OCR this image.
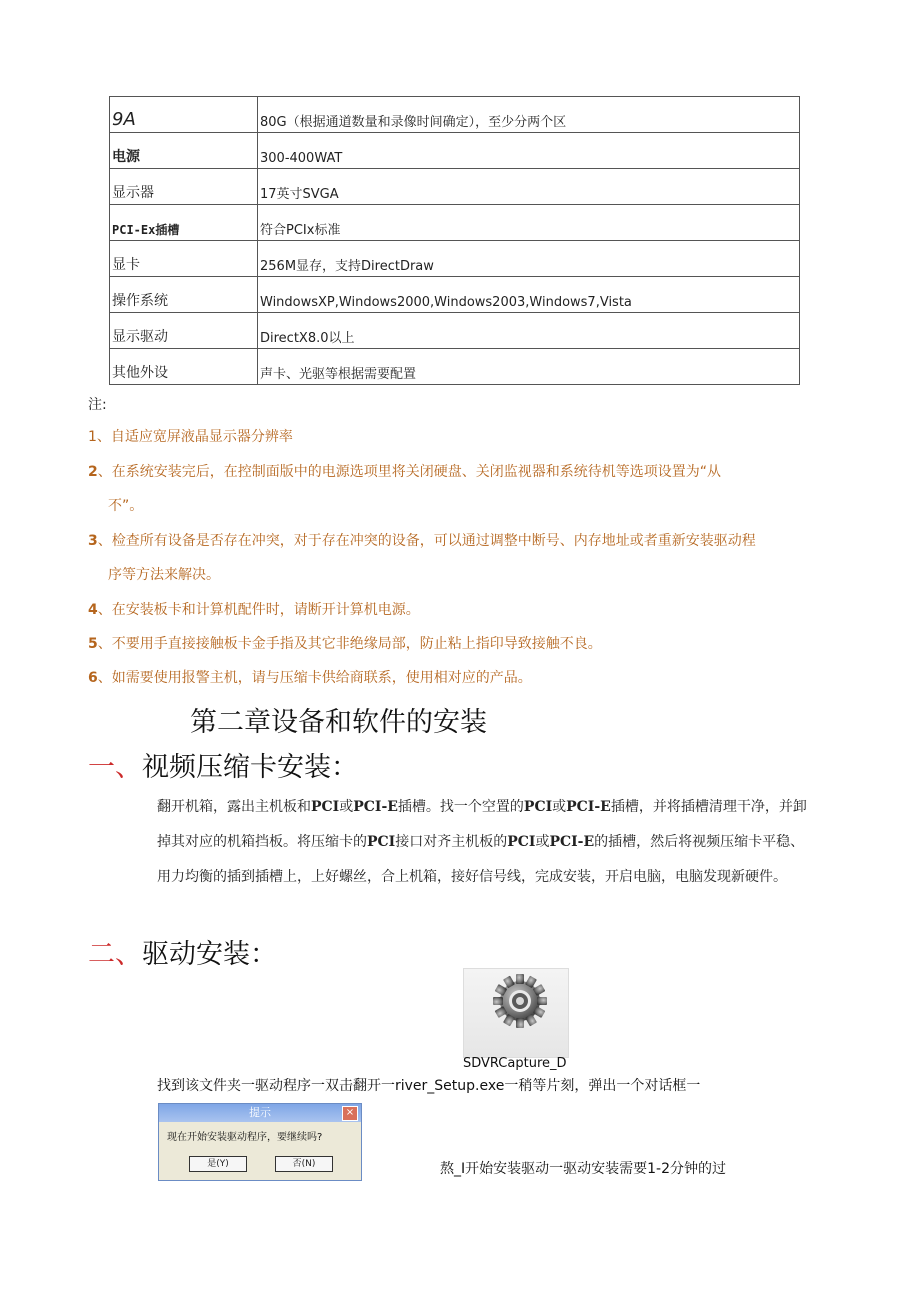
9A	80G（根据通道数量和录像时间确定），至少分两个区
电源	300-400WAT
显示器	17英寸SVGA
PCI-Ex插槽	符合PCIx标准
显卡	256M显存，支持DirectDraw
操作系统	WindowsXP,Windows2000,Windows2003,Windows7,Vista
显示驱动	DirectX8.0以上
其他外设	声卡、光驱等根据需要配置
注:
1、自适应宽屏液晶显示器分辨率
2、在系统安装完后，在控制面版中的电源选项里将关闭硬盘、关闭监视器和系统待机等选项设置为“从
不”。
3、检查所有设备是否存在冲突，对于存在冲突的设备，可以通过调整中断号、内存地址或者重新安装驱动程
序等方法来解决。
4、在安装板卡和计算机配件时，请断开计算机电源。
5、不要用手直接接触板卡金手指及其它非绝缘局部，防止粘上指印导致接触不良。
6、如需要使用报警主机，请与压缩卡供给商联系，使用相对应的产品。
第二章设备和软件的安装
一、视频压缩卡安装：
翻开机箱，露出主机板和PCI或PCI-E插槽。找一个空置的PCI或PCI-E插槽，并将插槽清理干净，并卸掉其对应的机箱挡板。将压缩卡的PCI接口对齐主机板的PCI或PCI-E的插槽，然后将视频压缩卡平稳、用力均衡的插到插槽上，上好螺丝，合上机箱，接好信号线，完成安装，开启电脑，电脑发现新硬件。
二、驱动安装：
SDVRCapture_D
找到该文件夹一驱动程序一双击翻开一river_Setup.exe一稍等片刻，弹出一个对话框一
提示	×
现在开始安装驱动程序，要继续吗?
是(Y)	否(N)	熬_I开始安装驱动一驱动安装需要1-2分钟的过
